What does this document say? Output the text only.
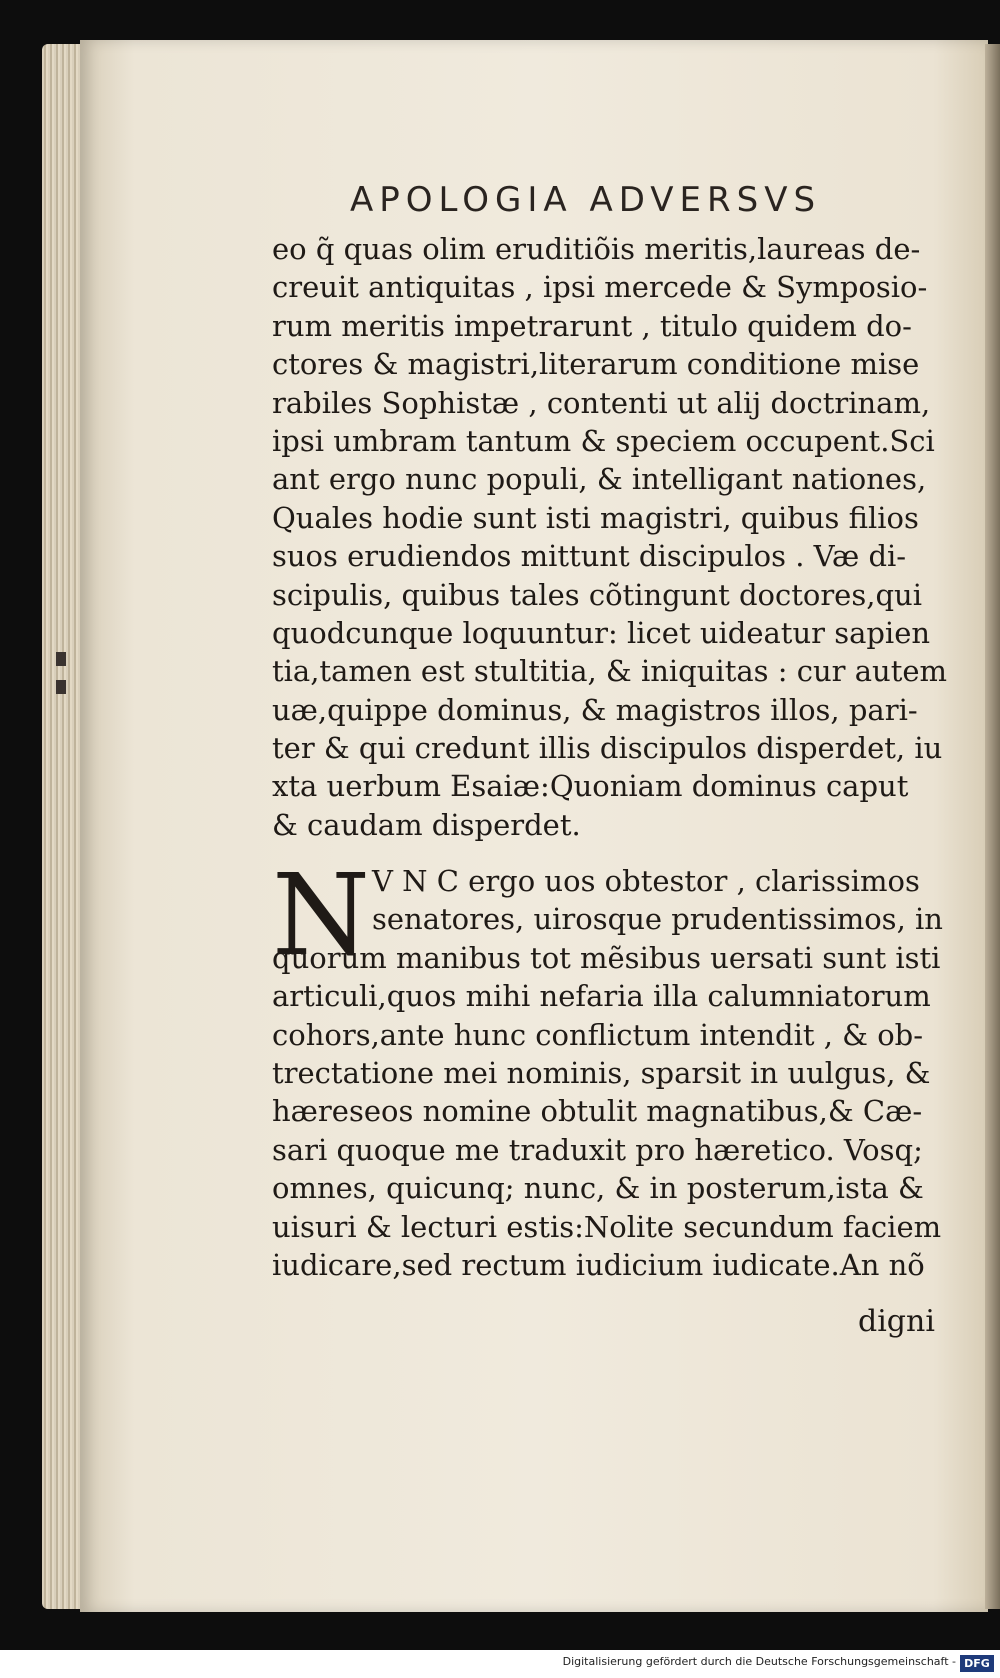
APOLOGIA ADVERSVS
eo q̃ quas olim eruditiõis meritis,laureas de-
creuit antiquitas , ipsi mercede & Symposio-
rum meritis impetrarunt , titulo quidem do-
ctores & magistri,literarum conditione mise
rabiles Sophistæ , contenti ut alij doctrinam,
ipsi umbram tantum & speciem occupent.Sci
ant ergo nunc populi, & intelligant nationes,
Quales hodie sunt isti magistri, quibus filios
suos erudiendos mittunt discipulos . Væ di-
scipulis, quibus tales cõtingunt doctores,qui
quodcunque loquuntur: licet uideatur sapien
tia,tamen est stultitia, & iniquitas : cur autem
uæ,quippe dominus, & magistros illos, pari-
ter & qui credunt illis discipulos disperdet, iu
xta uerbum Esaiæ:Quoniam dominus caput
& caudam disperdet.
N V N C ergo uos obtestor , clarissimos
senatores, uirosque prudentissimos, in
quorum manibus tot mẽsibus uersati sunt isti
articuli,quos mihi nefaria illa calumniatorum
cohors,ante hunc conflictum intendit , & ob-
trectatione mei nominis, sparsit in uulgus, &
hæreseos nomine obtulit magnatibus,& Cæ-
sari quoque me traduxit pro hæretico. Vosq;
omnes, quicunq; nunc, & in posterum,ista &
uisuri & lecturi estis:Nolite secundum faciem
iudicare,sed rectum iudicium iudicate.An nõ
digni
Digitalisierung gefördert durch die Deutsche Forschungsgemeinschaft - DFG
